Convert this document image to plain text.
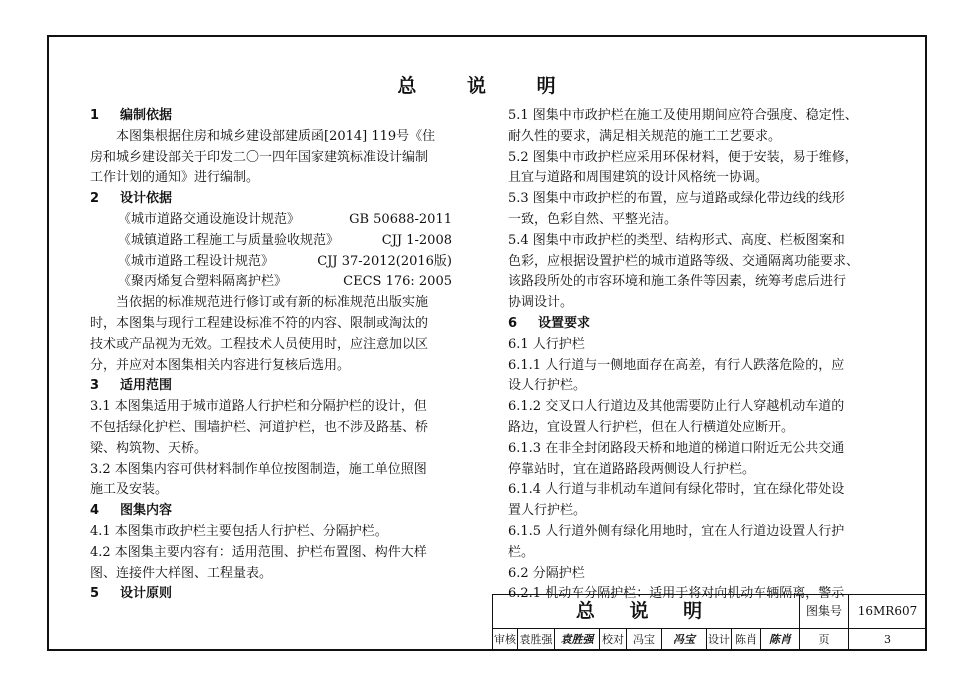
总 说 明
1 编制依据
本图集根据住房和城乡建设部建质函[2014] 119号《住
房和城乡建设部关于印发二〇一四年国家建筑标准设计编制
工作计划的通知》进行编制。
2 设计依据
《城市道路交通设施设计规范》	GB 50688-2011
《城镇道路工程施工与质量验收规范》	CJJ 1-2008
《城市道路工程设计规范》	CJJ 37-2012(2016版)
《聚丙烯复合塑料隔离护栏》	CECS 176: 2005
当依据的标准规范进行修订或有新的标准规范出版实施
时，本图集与现行工程建设标准不符的内容、限制或淘汰的
技术或产品视为无效。工程技术人员使用时，应注意加以区
分，并应对本图集相关内容进行复核后选用。
3 适用范围
3.1 本图集适用于城市道路人行护栏和分隔护栏的设计，但
不包括绿化护栏、围墙护栏、河道护栏，也不涉及路基、桥
梁、构筑物、天桥。
3.2 本图集内容可供材料制作单位按图制造，施工单位照图
施工及安装。
4 图集内容
4.1 本图集市政护栏主要包括人行护栏、分隔护栏。
4.2 本图集主要内容有：适用范围、护栏布置图、构件大样
图、连接件大样图、工程量表。
5 设计原则
5.1 图集中市政护栏在施工及使用期间应符合强度、稳定性、
耐久性的要求，满足相关规范的施工工艺要求。
5.2 图集中市政护栏应采用环保材料，便于安装，易于维修，
且宜与道路和周围建筑的设计风格统一协调。
5.3 图集中市政护栏的布置，应与道路或绿化带边线的线形
一致，色彩自然、平整光洁。
5.4 图集中市政护栏的类型、结构形式、高度、栏板图案和
色彩，应根据设置护栏的城市道路等级、交通隔离功能要求、
该路段所处的市容环境和施工条件等因素，统筹考虑后进行
协调设计。
6 设置要求
6.1 人行护栏
6.1.1 人行道与一侧地面存在高差，有行人跌落危险的，应
设人行护栏。
6.1.2 交叉口人行道边及其他需要防止行人穿越机动车道的
路边，宜设置人行护栏，但在人行横道处应断开。
6.1.3 在非全封闭路段天桥和地道的梯道口附近无公共交通
停靠站时，宜在道路路段两侧设人行护栏。
6.1.4 人行道与非机动车道间有绿化带时，宜在绿化带处设
置人行护栏。
6.1.5 人行道外侧有绿化用地时，宜在人行道边设置人行护
栏。
6.2 分隔护栏
6.2.1 机动车分隔护栏：适用于将对向机动车辆隔离，警示
总 说 明	图集号	16MR607
审核 袁胜强 袁胜强 校对 冯宝	冯宝	设计 陈肖	陈肖	页	3
